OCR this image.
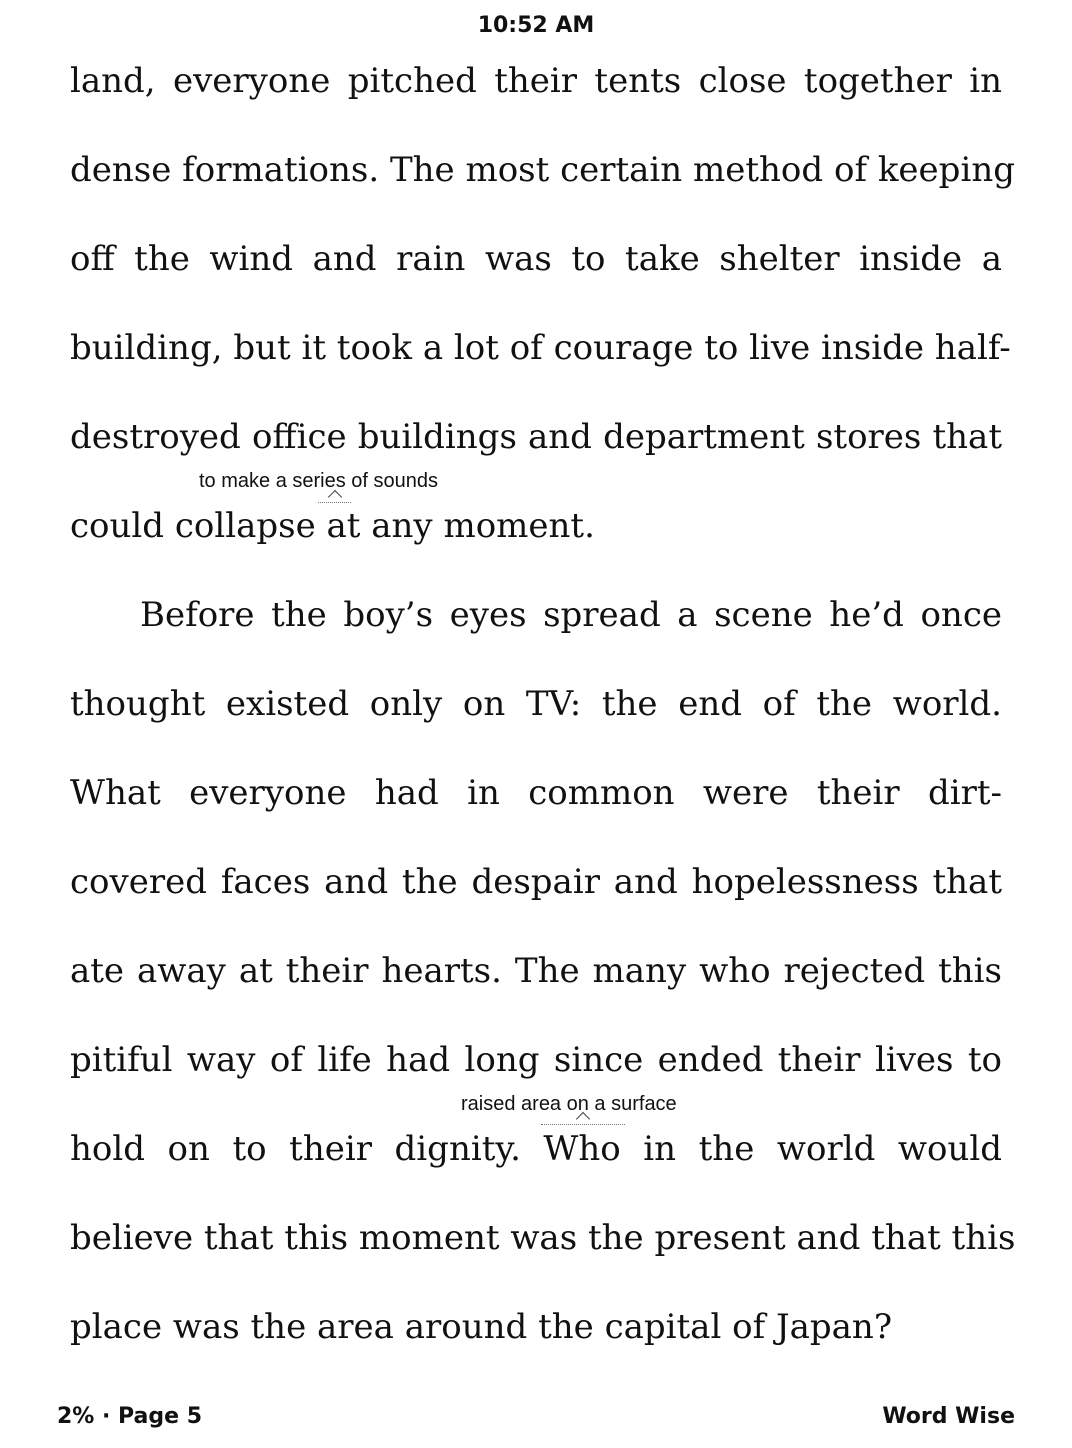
10:52 AM
land, everyone pitched their tents close together in
dense formations. The most certain method of keeping
off the wind and rain was to take shelter inside a
building, but it took a lot of courage to live inside half-
destroyed office buildings and department stores that
could collapse at any moment.
Before the boy’s eyes spread a scene he’d once
thought existed only on TV: the end of the world.
What everyone had in common were their dirt-
covered faces and the despair and hopelessness that
ate away at their hearts. The many who rejected this
pitiful way of life had long since ended their lives to
hold on to their dignity. Who in the world would
believe that this moment was the present and that this
place was the area around the capital of Japan?
to make a series of sounds
raised area on a surface
2% · Page 5	Word Wise
